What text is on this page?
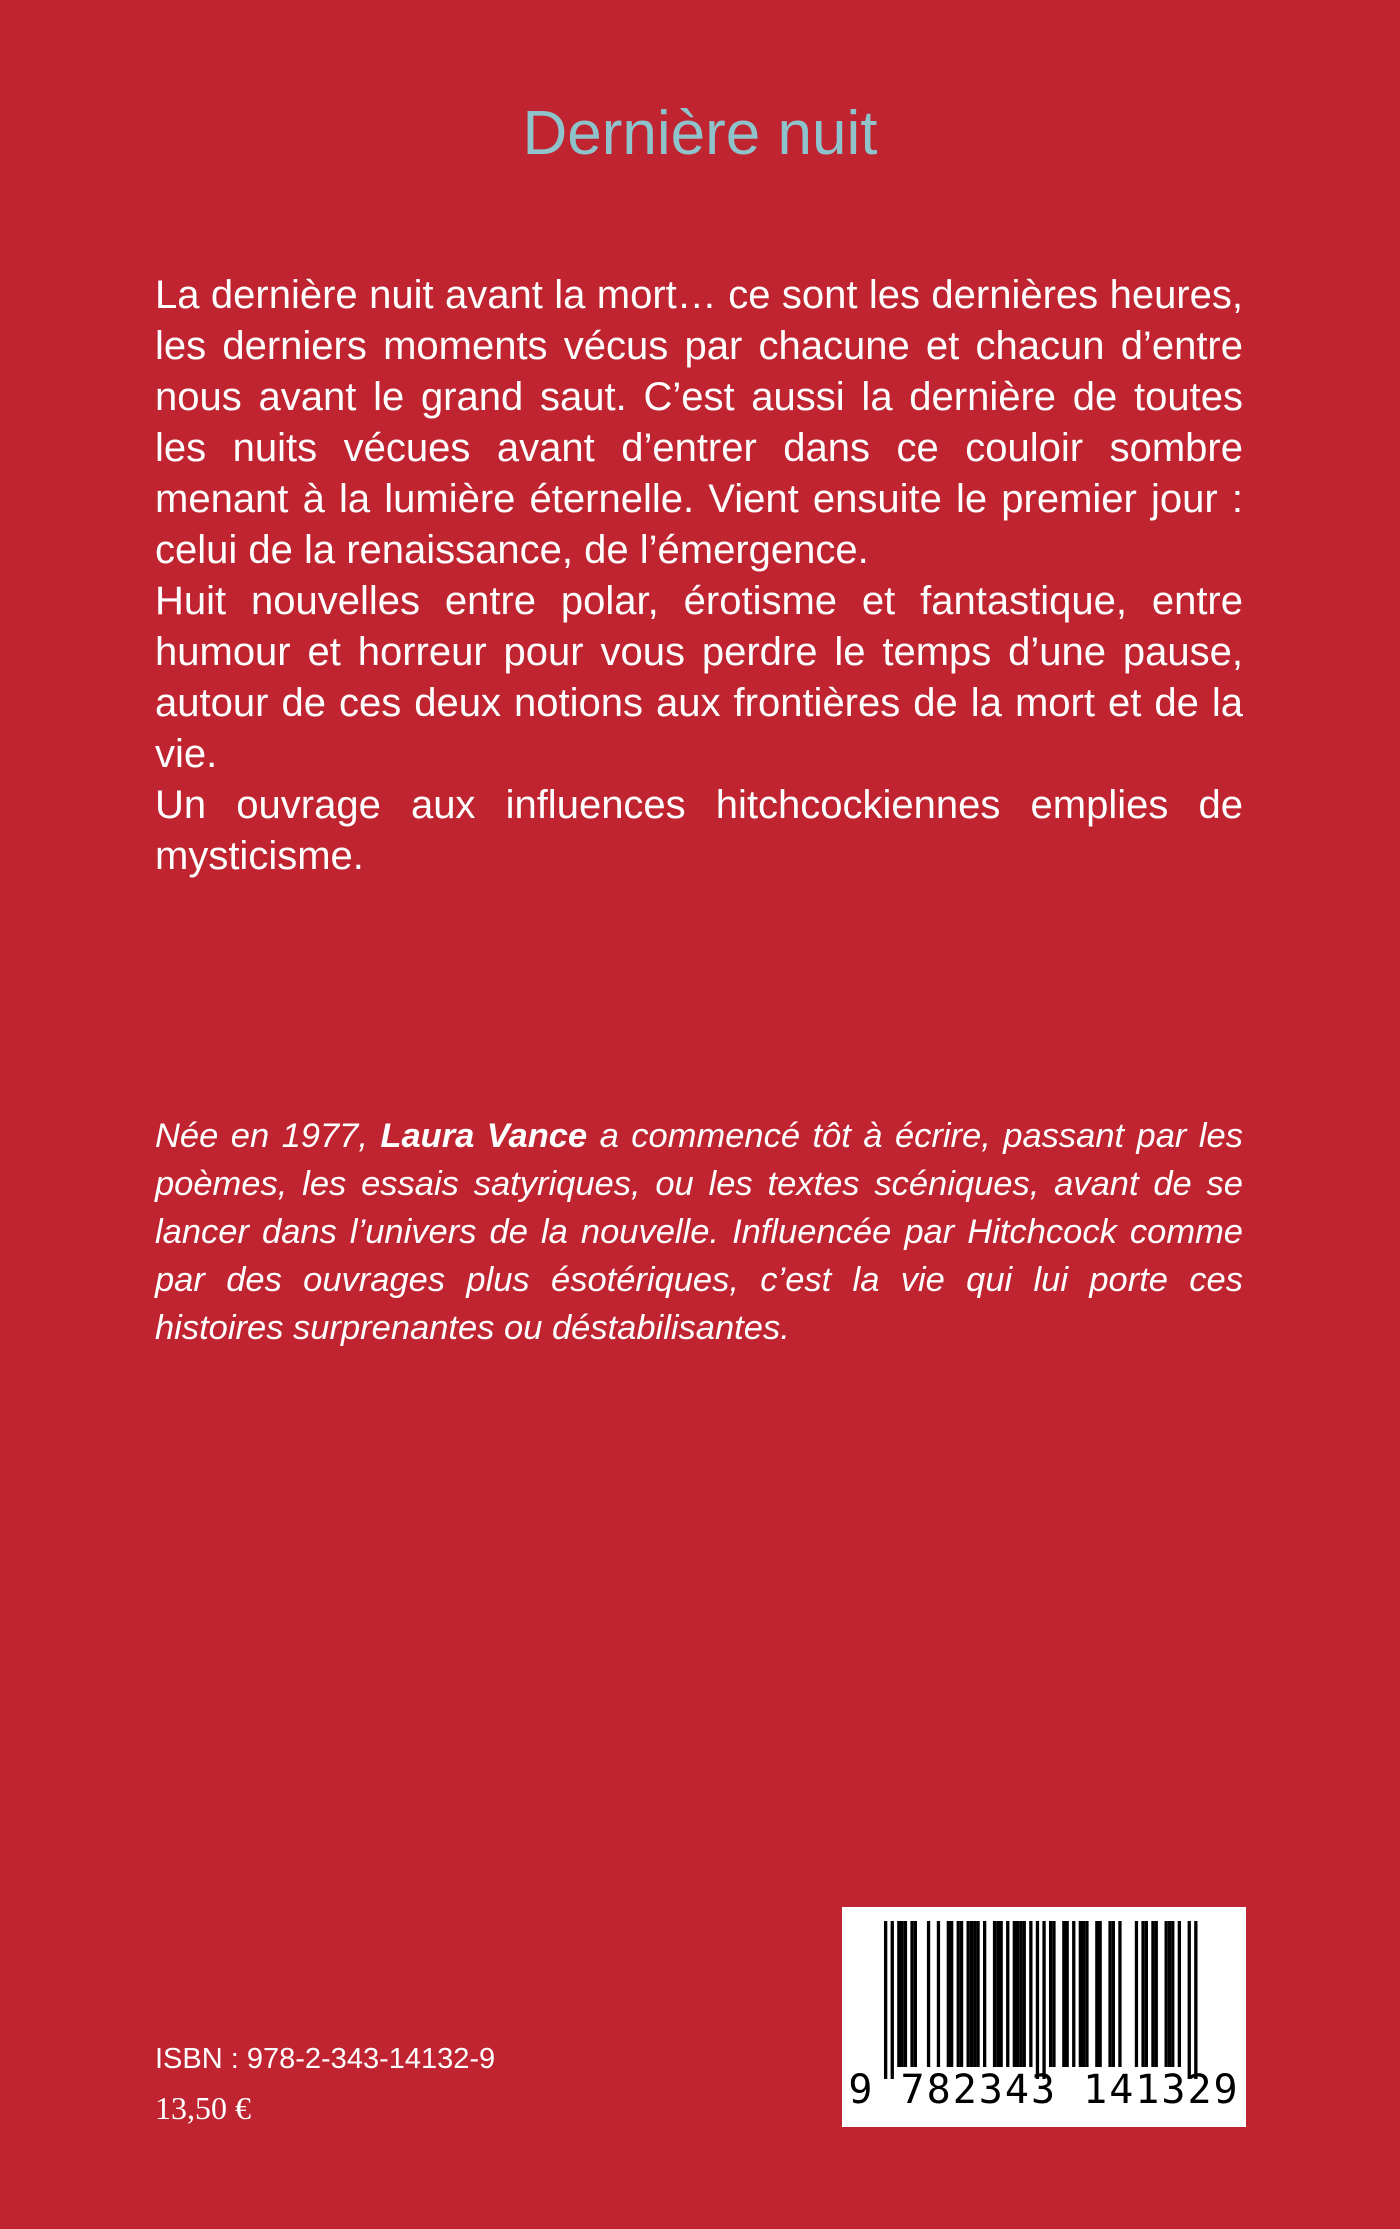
Dernière nuit

La dernière nuit avant la mort… ce sont les dernières heures, les derniers moments vécus par chacune et chacun d’entre nous avant le grand saut. C’est aussi la dernière de toutes les nuits vécues avant d’entrer dans ce couloir sombre menant à la lumière éternelle. Vient ensuite le premier jour : celui de la renaissance, de l’émergence.

Huit nouvelles entre polar, érotisme et fantastique, entre humour et horreur pour vous perdre le temps d’une pause, autour de ces deux notions aux frontières de la mort et de la vie.

Un ouvrage aux influences hitchcockiennes emplies de mysticisme.

Née en 1977, Laura Vance a commencé tôt à écrire, passant par les poèmes, les essais satyriques, ou les textes scéniques, avant de se lancer dans l’univers de la nouvelle. Influencée par Hitchcock comme par des ouvrages plus ésotériques, c’est la vie qui lui porte ces histoires surprenantes ou déstabilisantes.

ISBN : 978-2-343-14132-9
13,50 €	9 782343 141329
